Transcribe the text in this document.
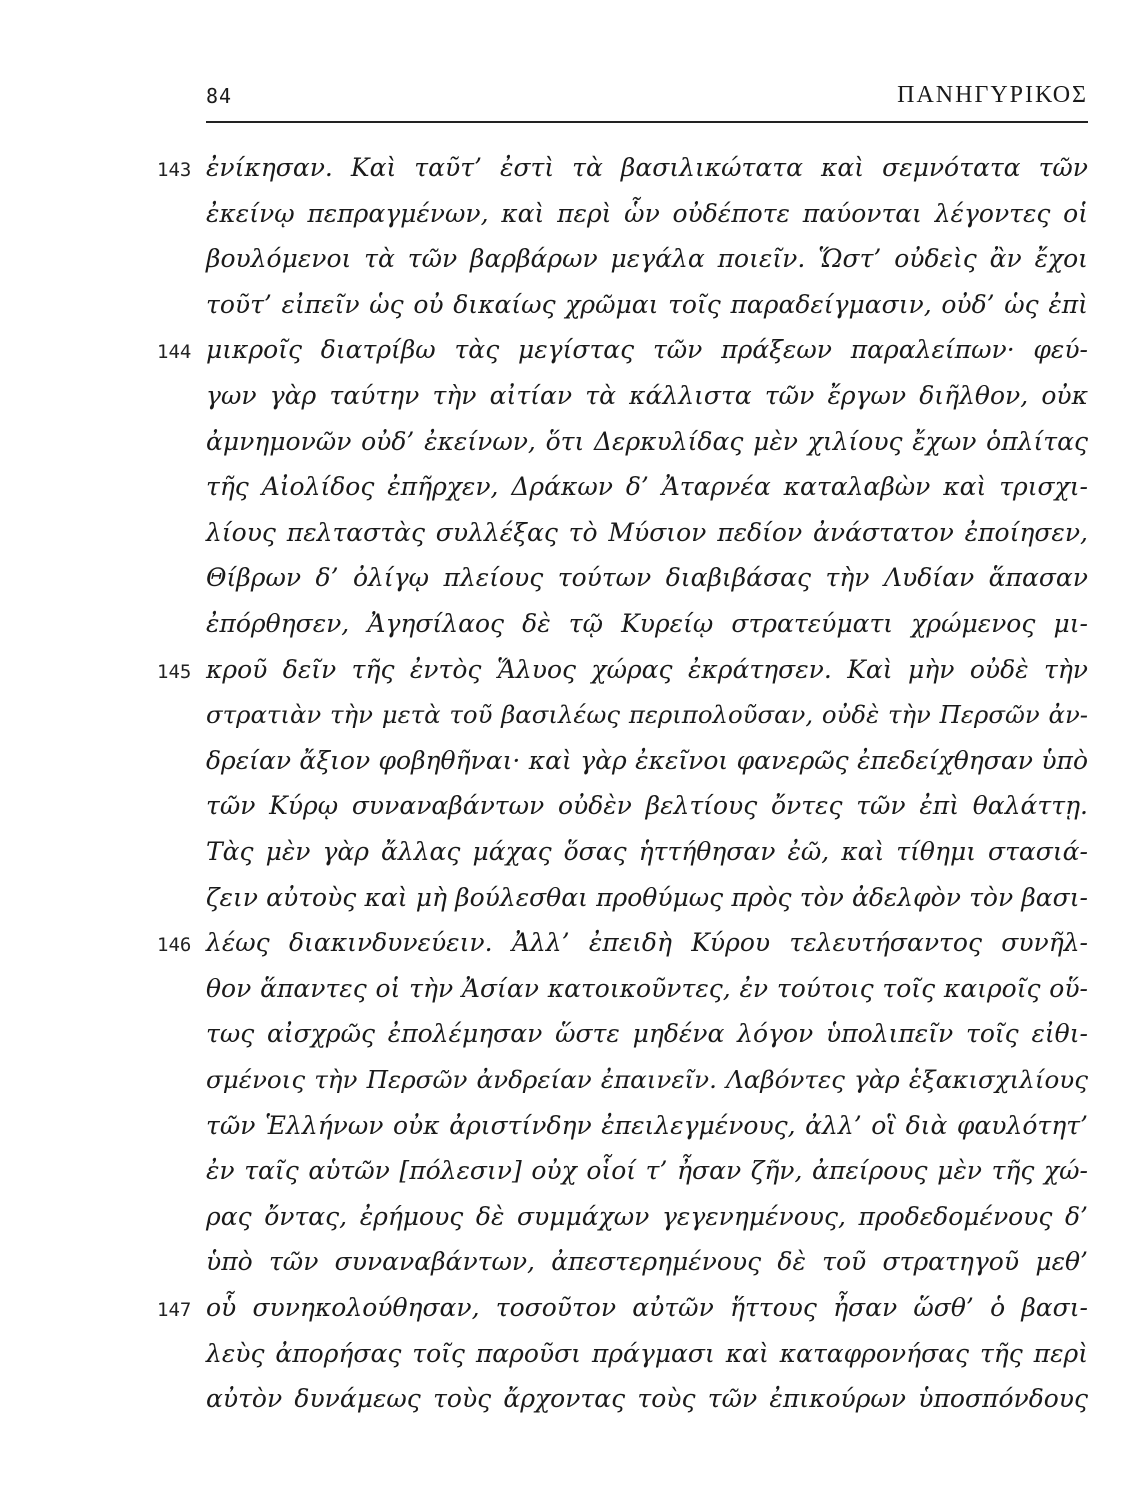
84	ΠΑΝΗΓΥΡΙΚΟΣ
143 ἐνίκησαν. Καὶ ταῦτ’ ἐστὶ τὰ βασιλικώτατα καὶ σεμνότατα τῶν
ἐκείνῳ πεπραγμένων, καὶ περὶ ὧν οὐδέποτε παύονται λέγοντες οἱ
βουλόμενοι τὰ τῶν βαρβάρων μεγάλα ποιεῖν. Ὥστ’ οὐδεὶς ἂν ἔχοι
τοῦτ’ εἰπεῖν ὡς οὐ δικαίως χρῶμαι τοῖς παραδείγμασιν, οὐδ’ ὡς ἐπὶ
144 μικροῖς διατρίβω τὰς μεγίστας τῶν πράξεων παραλείπων· φεύ-
γων γὰρ ταύτην τὴν αἰτίαν τὰ κάλλιστα τῶν ἔργων διῆλθον, οὐκ
ἀμνημονῶν οὐδ’ ἐκείνων, ὅτι Δερκυλίδας μὲν χιλίους ἔχων ὁπλίτας
τῆς Αἰολίδος ἐπῆρχεν, Δράκων δ’ Ἀταρνέα καταλαβὼν καὶ τρισχι-
λίους πελταστὰς συλλέξας τὸ Μύσιον πεδίον ἀνάστατον ἐποίησεν,
Θίβρων δ’ ὀλίγῳ πλείους τούτων διαβιβάσας τὴν Λυδίαν ἅπασαν
ἐπόρθησεν, Ἀγησίλαος δὲ τῷ Κυρείῳ στρατεύματι χρώμενος μι-
145 κροῦ δεῖν τῆς ἐντὸς Ἅλυος χώρας ἐκράτησεν. Καὶ μὴν οὐδὲ τὴν
στρατιὰν τὴν μετὰ τοῦ βασιλέως περιπολοῦσαν, οὐδὲ τὴν Περσῶν ἀν-
δρείαν ἄξιον φοβηθῆναι· καὶ γὰρ ἐκεῖνοι φανερῶς ἐπεδείχθησαν ὑπὸ
τῶν Κύρῳ συναναβάντων οὐδὲν βελτίους ὄντες τῶν ἐπὶ θαλάττῃ.
Τὰς μὲν γὰρ ἄλλας μάχας ὅσας ἡττήθησαν ἐῶ, καὶ τίθημι στασιά-
ζειν αὐτοὺς καὶ μὴ βούλεσθαι προθύμως πρὸς τὸν ἀδελφὸν τὸν βασι-
146 λέως διακινδυνεύειν. Ἀλλ’ ἐπειδὴ Κύρου τελευτήσαντος συνῆλ-
θον ἅπαντες οἱ τὴν Ἀσίαν κατοικοῦντες, ἐν τούτοις τοῖς καιροῖς οὕ-
τως αἰσχρῶς ἐπολέμησαν ὥστε μηδένα λόγον ὑπολιπεῖν τοῖς εἰθι-
σμένοις τὴν Περσῶν ἀνδρείαν ἐπαινεῖν. Λαβόντες γὰρ ἑξακισχιλίους
τῶν Ἑλλήνων οὐκ ἀριστίνδην ἐπειλεγμένους, ἀλλ’ οἳ διὰ φαυλότητ’
ἐν ταῖς αὑτῶν [πόλεσιν] οὐχ οἷοί τ’ ἦσαν ζῆν, ἀπείρους μὲν τῆς χώ-
ρας ὄντας, ἐρήμους δὲ συμμάχων γεγενημένους, προδεδομένους δ’
ὑπὸ τῶν συναναβάντων, ἀπεστερημένους δὲ τοῦ στρατηγοῦ μεθ’
147 οὗ συνηκολούθησαν, τοσοῦτον αὐτῶν ἥττους ἦσαν ὥσθ’ ὁ βασι-
λεὺς ἀπορήσας τοῖς παροῦσι πράγμασι καὶ καταφρονήσας τῆς περὶ
αὐτὸν δυνάμεως τοὺς ἄρχοντας τοὺς τῶν ἐπικούρων ὑποσπόνδους
